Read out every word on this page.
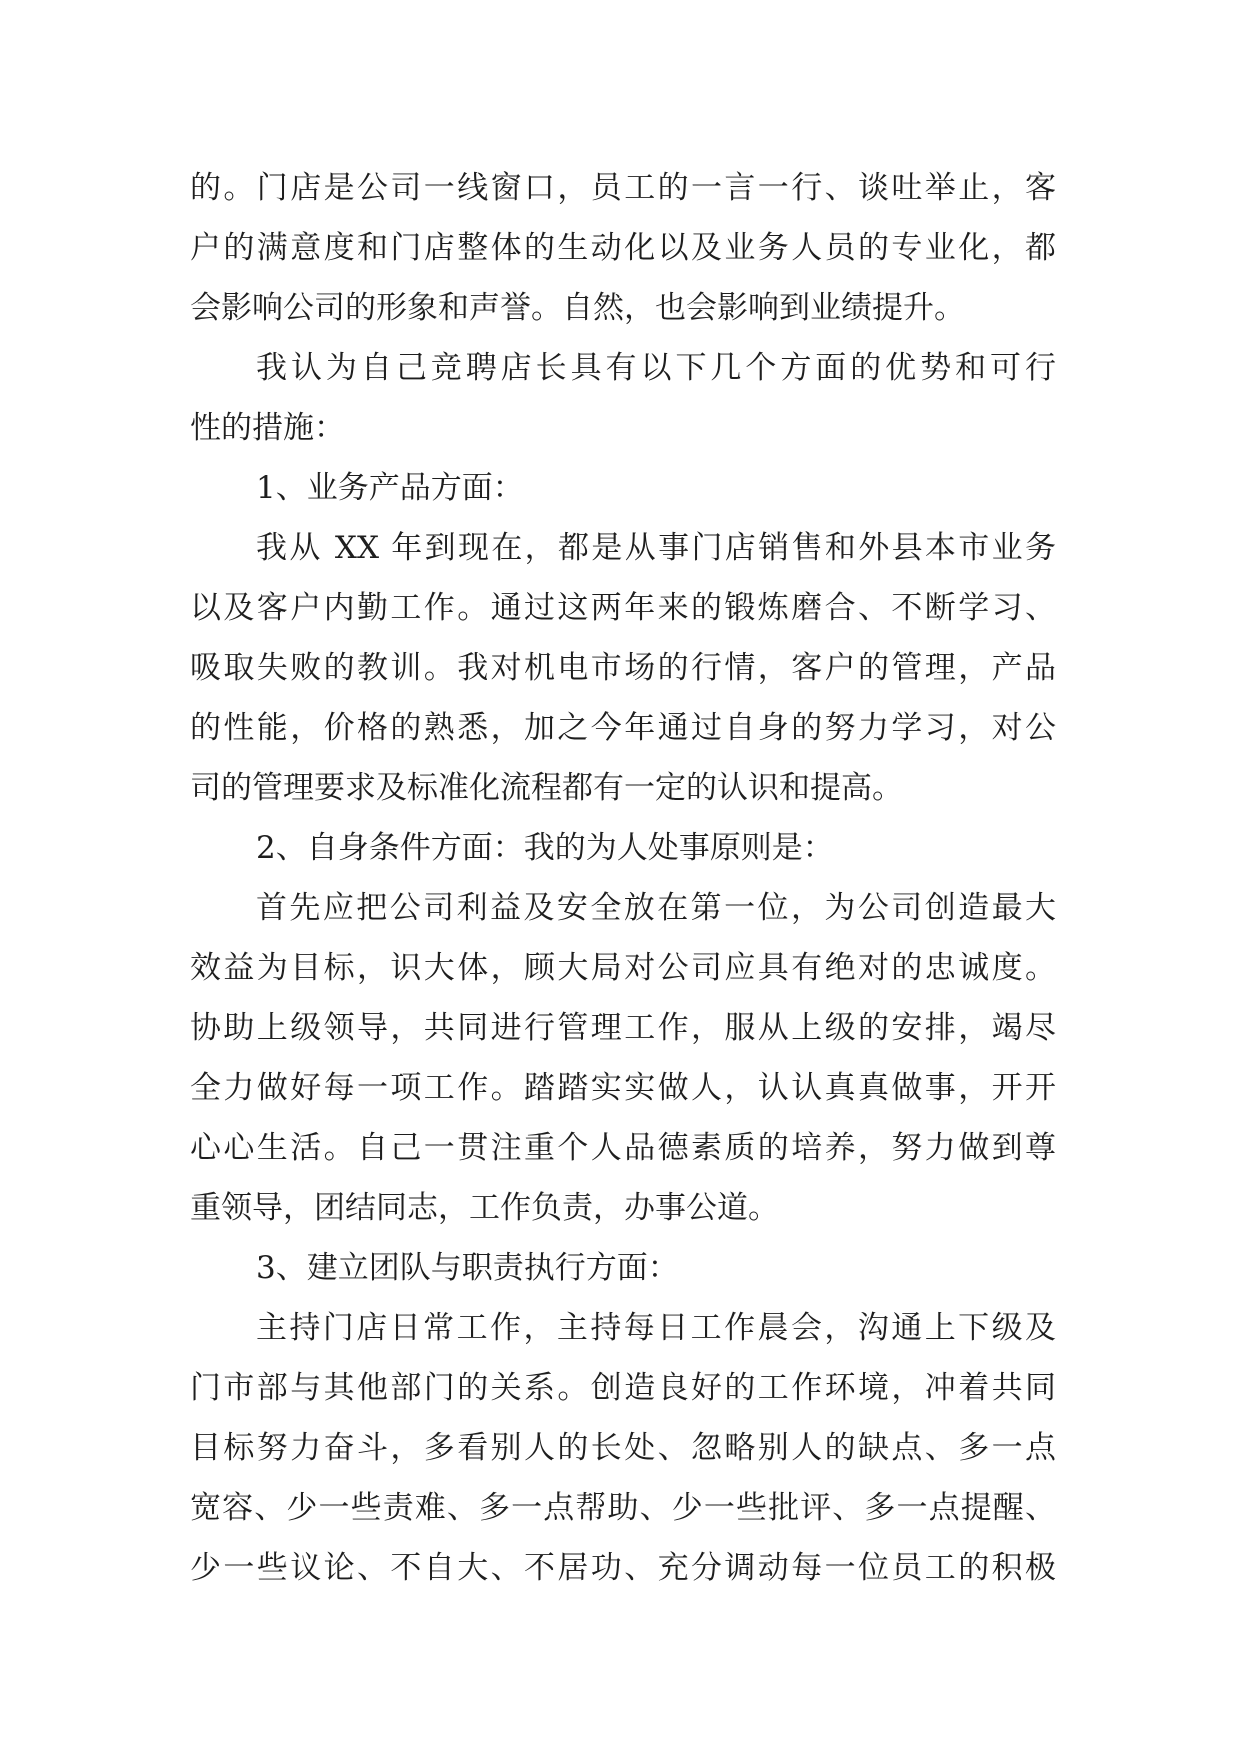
的。门店是公司一线窗口，员工的一言一行、谈吐举止，客
户的满意度和门店整体的生动化以及业务人员的专业化，都
会影响公司的形象和声誉。自然，也会影响到业绩提升。
我认为自己竞聘店长具有以下几个方面的优势和可行
性的措施：
1、业务产品方面：
我从 XX 年到现在，都是从事门店销售和外县本市业务
以及客户内勤工作。通过这两年来的锻炼磨合、不断学习、
吸取失败的教训。我对机电市场的行情，客户的管理，产品
的性能，价格的熟悉，加之今年通过自身的努力学习，对公
司的管理要求及标准化流程都有一定的认识和提高。
2、自身条件方面：我的为人处事原则是：
首先应把公司利益及安全放在第一位，为公司创造最大
效益为目标，识大体，顾大局对公司应具有绝对的忠诚度。
协助上级领导，共同进行管理工作，服从上级的安排，竭尽
全力做好每一项工作。踏踏实实做人，认认真真做事，开开
心心生活。自己一贯注重个人品德素质的培养，努力做到尊
重领导，团结同志，工作负责，办事公道。
3、建立团队与职责执行方面：
主持门店日常工作，主持每日工作晨会，沟通上下级及
门市部与其他部门的关系。创造良好的工作环境，冲着共同
目标努力奋斗，多看别人的长处、忽略别人的缺点、多一点
宽容、少一些责难、多一点帮助、少一些批评、多一点提醒、
少一些议论、不自大、不居功、充分调动每一位员工的积极
